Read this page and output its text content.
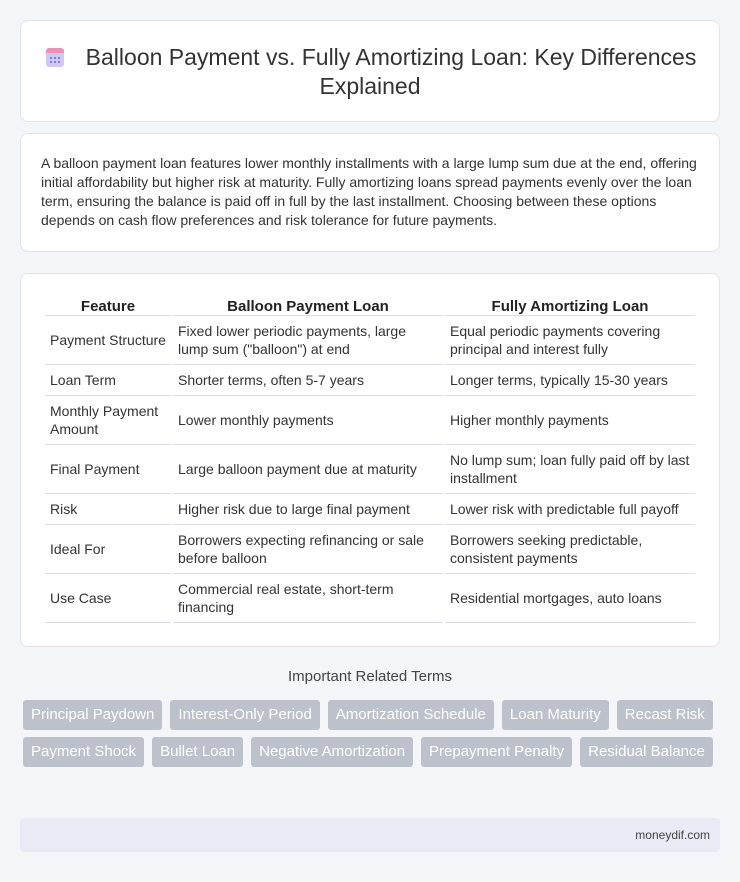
Balloon Payment vs. Fully Amortizing Loan: Key Differences Explained

A balloon payment loan features lower monthly installments with a large lump sum due at the end, offering initial affordability but higher risk at maturity. Fully amortizing loans spread payments evenly over the loan term, ensuring the balance is paid off in full by the last installment. Choosing between these options depends on cash flow preferences and risk tolerance for future payments.

Feature	Balloon Payment Loan	Fully Amortizing Loan
Payment Structure	Fixed lower periodic payments, large lump sum ("balloon") at end	Equal periodic payments covering principal and interest fully
Loan Term	Shorter terms, often 5-7 years	Longer terms, typically 15-30 years
Monthly Payment Amount	Lower monthly payments	Higher monthly payments
Final Payment	Large balloon payment due at maturity	No lump sum; loan fully paid off by last installment
Risk	Higher risk due to large final payment	Lower risk with predictable full payoff
Ideal For	Borrowers expecting refinancing or sale before balloon	Borrowers seeking predictable, consistent payments
Use Case	Commercial real estate, short-term financing	Residential mortgages, auto loans
Important Related Terms
Principal Paydown	Interest-Only Period	Amortization Schedule	Loan Maturity	Recast Risk
Payment Shock	Bullet Loan	Negative Amortization	Prepayment Penalty	Residual Balance
moneydif.com
